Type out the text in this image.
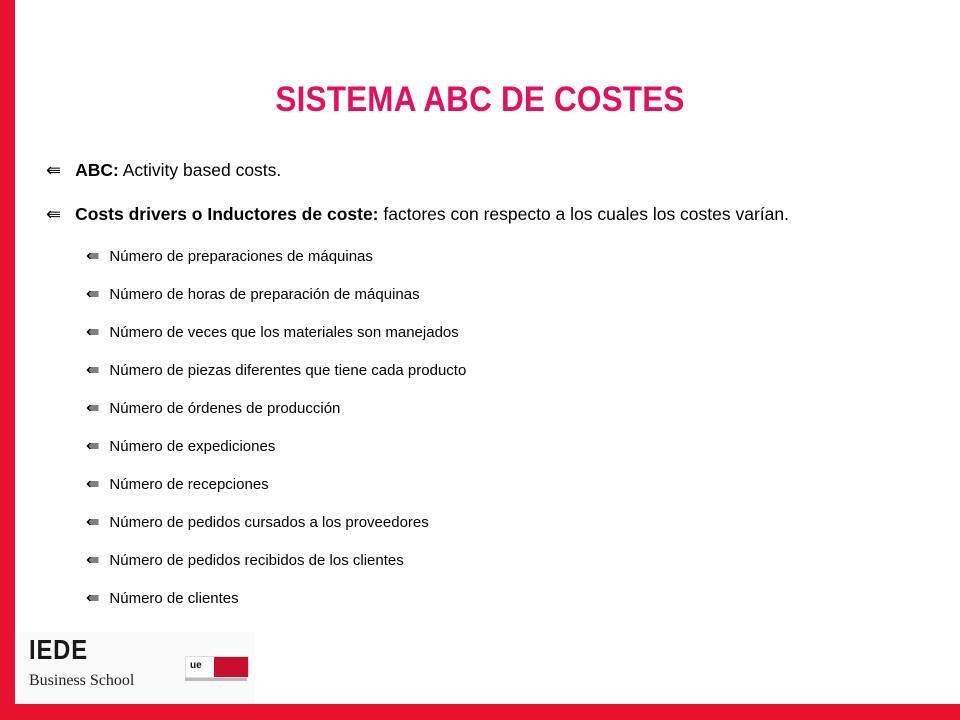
SISTEMA ABC DE COSTES
⇚ ABC: Activity based costs.
⇚ Costs drivers o Inductores de coste: factores con respecto a los cuales los costes varían.
⇚ Número de preparaciones de máquinas
⇚ Número de horas de preparación de máquinas
⇚ Número de veces que los materiales son manejados
⇚ Número de piezas diferentes que tiene cada producto
⇚ Número de órdenes de producción
⇚ Número de expediciones
⇚ Número de recepciones
⇚ Número de pedidos cursados a los proveedores
⇚ Número de pedidos recibidos de los clientes
⇚ Número de clientes
IEDE
Business School
ue
